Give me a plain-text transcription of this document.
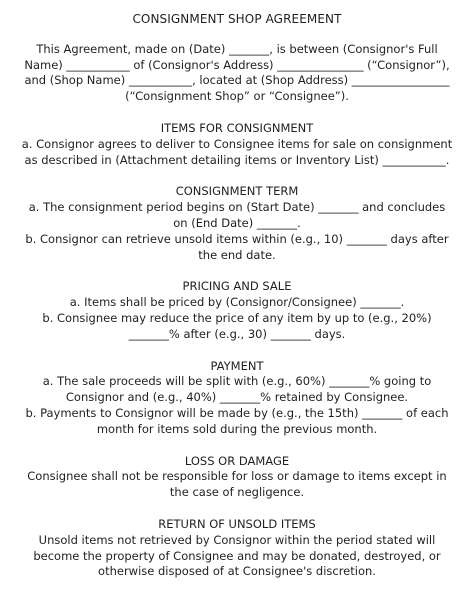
CONSIGNMENT SHOP AGREEMENT

This Agreement, made on (Date) _______, is between (Consignor's Full Name) ___________ of (Consignor's Address) _______________ (“Consignor”), and (Shop Name) ___________, located at (Shop Address) _________________ (“Consignment Shop” or “Consignee”).

ITEMS FOR CONSIGNMENT

a. Consignor agrees to deliver to Consignee items for sale on consignment as described in (Attachment detailing items or Inventory List) ___________.

CONSIGNMENT TERM

a. The consignment period begins on (Start Date) _______ and concludes on (End Date) _______.

b. Consignor can retrieve unsold items within (e.g., 10) _______ days after the end date.

PRICING AND SALE

a. Items shall be priced by (Consignor/Consignee) _______.

b. Consignee may reduce the price of any item by up to (e.g., 20%) _______% after (e.g., 30) _______ days.

PAYMENT

a. The sale proceeds will be split with (e.g., 60%) _______% going to Consignor and (e.g., 40%) _______% retained by Consignee.

b. Payments to Consignor will be made by (e.g., the 15th) _______ of each month for items sold during the previous month.

LOSS OR DAMAGE

Consignee shall not be responsible for loss or damage to items except in the case of negligence.

RETURN OF UNSOLD ITEMS

Unsold items not retrieved by Consignor within the period stated will become the property of Consignee and may be donated, destroyed, or otherwise disposed of at Consignee's discretion.
